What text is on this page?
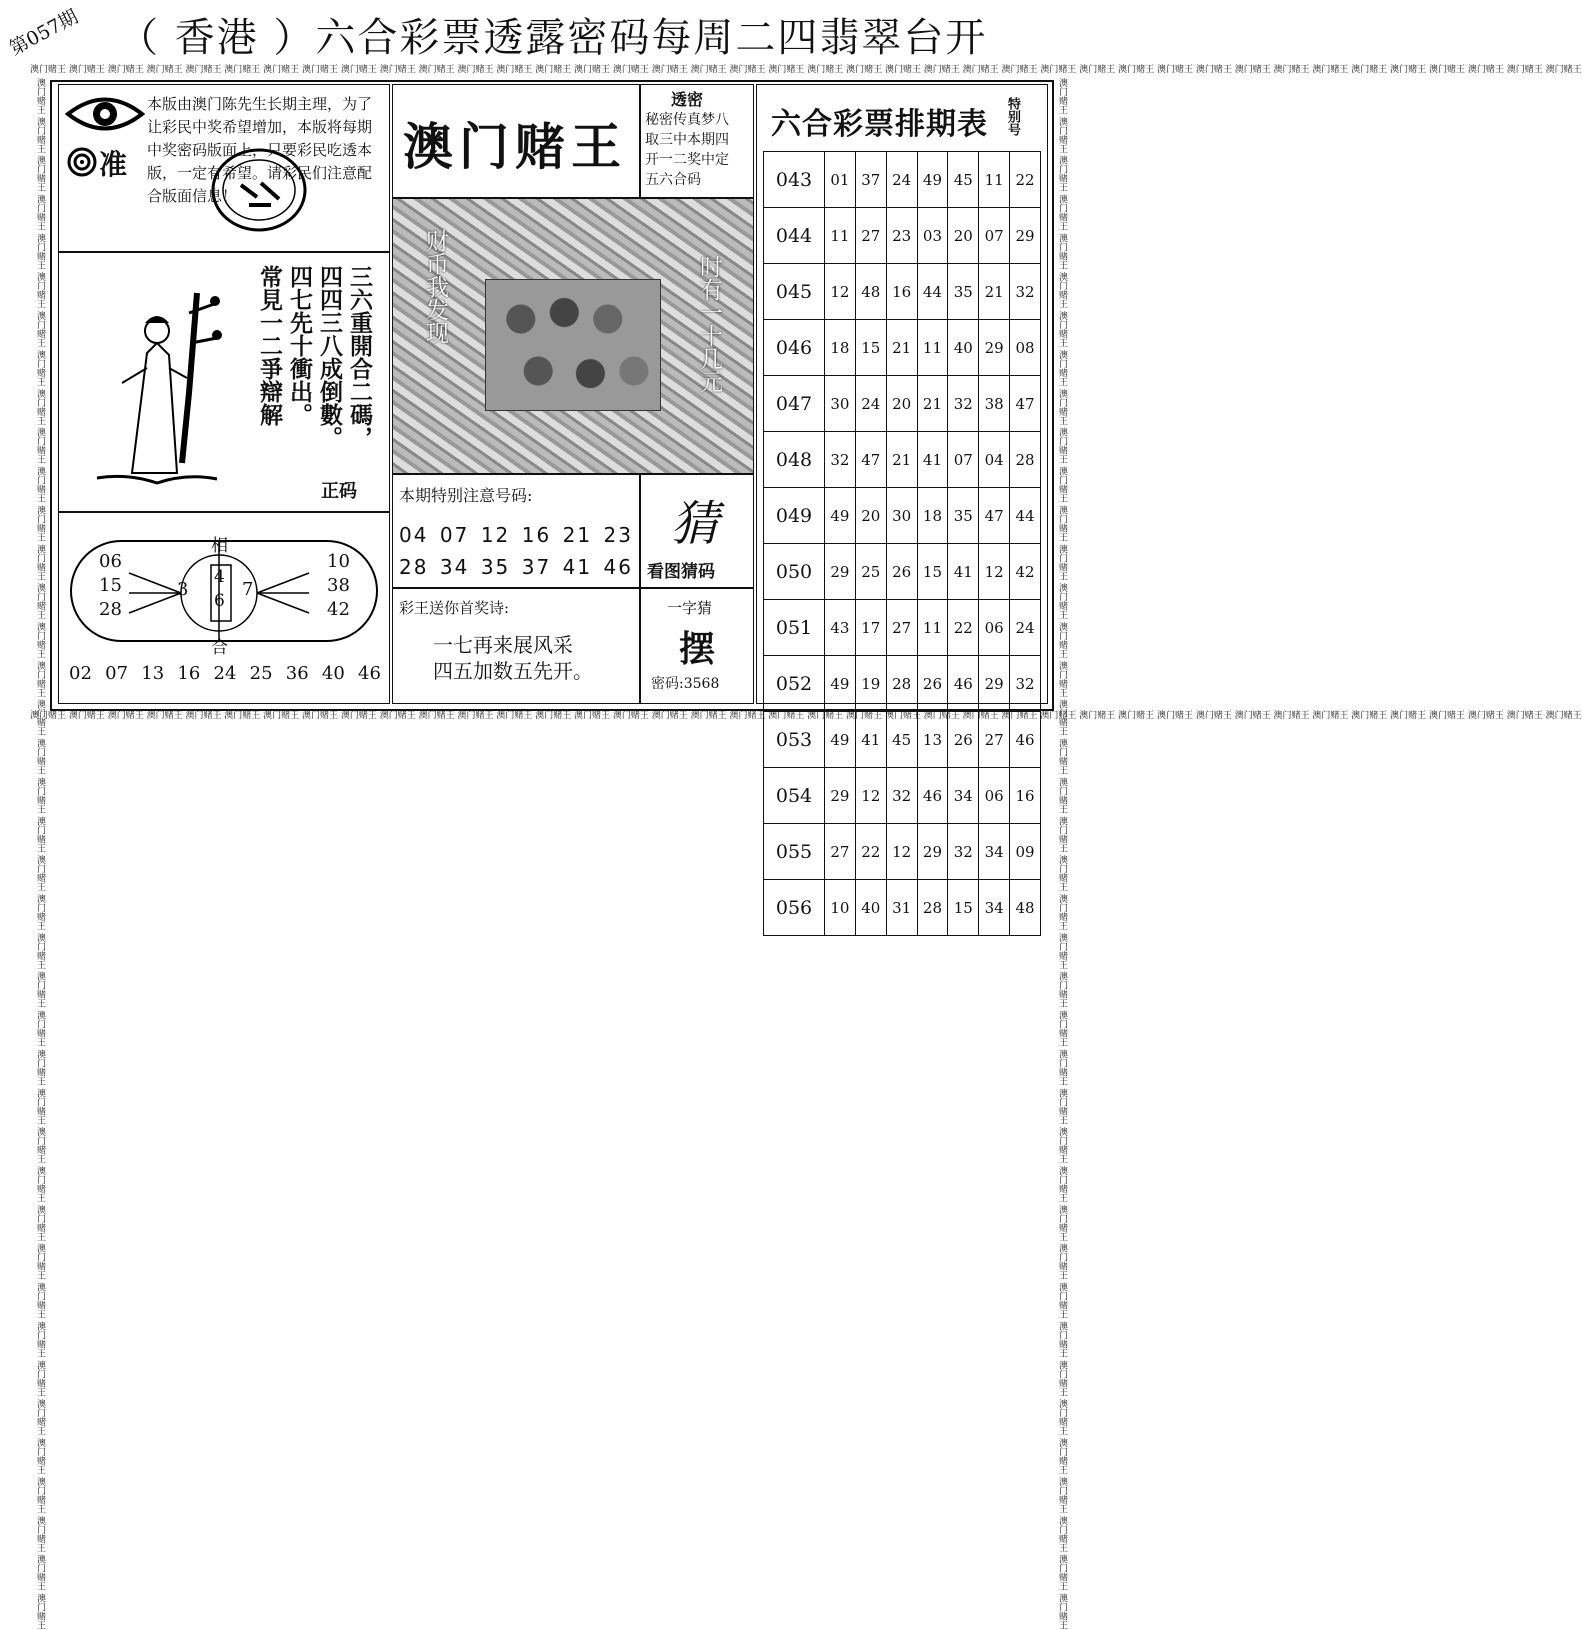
第057期 （ 香港 ）六合彩票透露密码每周二四翡翠台开
澳门赌王 澳门赌王 澳门赌王 澳门赌王 澳门赌王 澳门赌王 澳门赌王 澳门赌王 澳门赌王 澳门赌王 澳门赌王 澳门赌王 澳门赌王 澳门赌王 澳门赌王 澳门赌王 澳门赌王 澳门赌王 澳门赌王 澳门赌王 澳门赌王 澳门赌王 澳门赌王 澳门赌王 澳门赌王 澳门赌王 澳门赌王 澳门赌王 澳门赌王 澳门赌王 澳门赌王 澳门赌王 澳门赌王 澳门赌王 澳门赌王 澳门赌王 澳门赌王 澳门赌王 澳门赌王 澳门赌王
澳门赌王 澳门赌王 澳门赌王 澳门赌王 澳门赌王 澳门赌王 澳门赌王 澳门赌王 澳门赌王 澳门赌王 澳门赌王 澳门赌王 澳门赌王 澳门赌王 澳门赌王 澳门赌王 澳门赌王 澳门赌王 澳门赌王 澳门赌王 澳门赌王 澳门赌王 澳门赌王 澳门赌王 澳门赌王 澳门赌王 澳门赌王 澳门赌王 澳门赌王 澳门赌王 澳门赌王 澳门赌王 澳门赌王 澳门赌王 澳门赌王 澳门赌王 澳门赌王 澳门赌王 澳门赌王 澳门赌王
澳门赌王 澳门赌王 澳门赌王 澳门赌王 澳门赌王 澳门赌王 澳门赌王 澳门赌王 澳门赌王 澳门赌王 澳门赌王 澳门赌王 澳门赌王 澳门赌王 澳门赌王 澳门赌王 澳门赌王 澳门赌王 澳门赌王 澳门赌王 澳门赌王 澳门赌王 澳门赌王 澳门赌王 澳门赌王 澳门赌王 澳门赌王 澳门赌王 澳门赌王 澳门赌王 澳门赌王 澳门赌王 澳门赌王 澳门赌王 澳门赌王 澳门赌王 澳门赌王 澳门赌王 澳门赌王 澳门赌王	澳门赌王 澳门赌王 澳门赌王 澳门赌王 澳门赌王 澳门赌王 澳门赌王 澳门赌王 澳门赌王 澳门赌王 澳门赌王 澳门赌王 澳门赌王 澳门赌王 澳门赌王 澳门赌王 澳门赌王 澳门赌王 澳门赌王 澳门赌王 澳门赌王 澳门赌王 澳门赌王 澳门赌王 澳门赌王 澳门赌王 澳门赌王 澳门赌王 澳门赌王 澳门赌王 澳门赌王 澳门赌王 澳门赌王 澳门赌王 澳门赌王 澳门赌王 澳门赌王 澳门赌王 澳门赌王 澳门赌王
准
本版由澳门陈先生长期主理，为了让彩民中奖希望增加，本版将每期中奖密码版面上，只要彩民吃透本版，一定有希望。请彩民们注意配合版面信息！
三六重開合二碼，
四四三八成倒數。
四七先十衝出。
常見一二爭辯解
正码
相
合
06
15
28
10
38
42
3
4
6
7
02 07 13 16 24 25 36 40 46
澳门赌王
透密
秘密传真梦八
取三中本期四
开一二奖中定
五六合码
财币我发现	时有一十几元
本期特别注意号码:
04 07 12 16 21 23
28 34 35 37 41 46
猜
看图猜码
彩王送你首奖诗:
一七再来展风采
四五加数五先开。
一字猜
摆
密码:3568
六合彩票排期表 特别号
043	01	37	24	49	45	11	22
044	11	27	23	03	20	07	29
045	12	48	16	44	35	21	32
046	18	15	21	11	40	29	08
047	30	24	20	21	32	38	47
048	32	47	21	41	07	04	28
049	49	20	30	18	35	47	44
050	29	25	26	15	41	12	42
051	43	17	27	11	22	06	24
052	49	19	28	26	46	29	32
053	49	41	45	13	26	27	46
054	29	12	32	46	34	06	16
055	27	22	12	29	32	34	09
056	10	40	31	28	15	34	48
